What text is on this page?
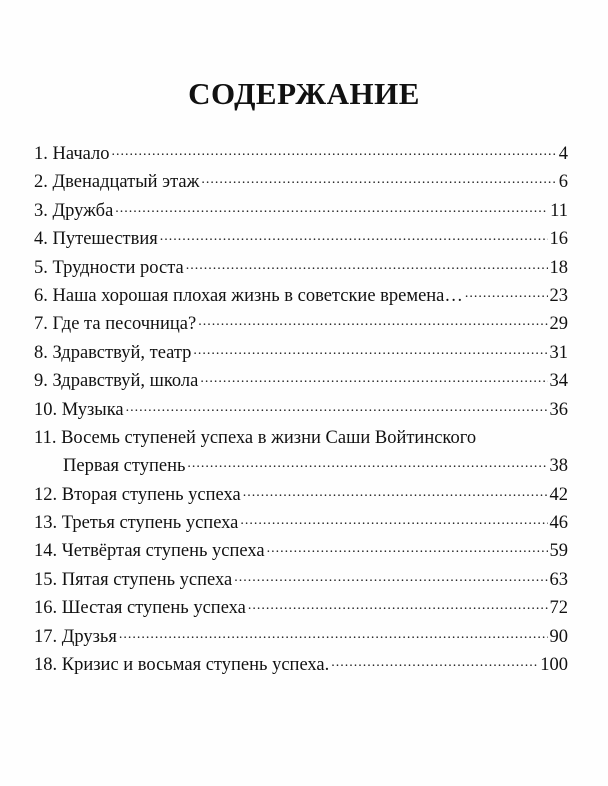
СОДЕРЖАНИЕ
1. Начало .....	4
2. Двенадцатый этаж .....	6
3. Дружба .....	11
4. Путешествия .....	16
5. Трудности роста .....	18
6. Наша хорошая плохая жизнь в советские времена… .....	23
7. Где та песочница? .....	29
8. Здравствуй, театр .....	31
9. Здравствуй, школа .....	34
10. Музыка .....	36
11. Восемь ступеней успеха в жизни Саши Войтинского
Первая ступень .....	38
12. Вторая ступень успеха .....	42
13. Третья ступень успеха .....	46
14. Четвёртая ступень успеха .....	59
15. Пятая ступень успеха .....	63
16. Шестая ступень успеха .....	72
17. Друзья .....	90
18. Кризис и восьмая ступень успеха. .....	100
